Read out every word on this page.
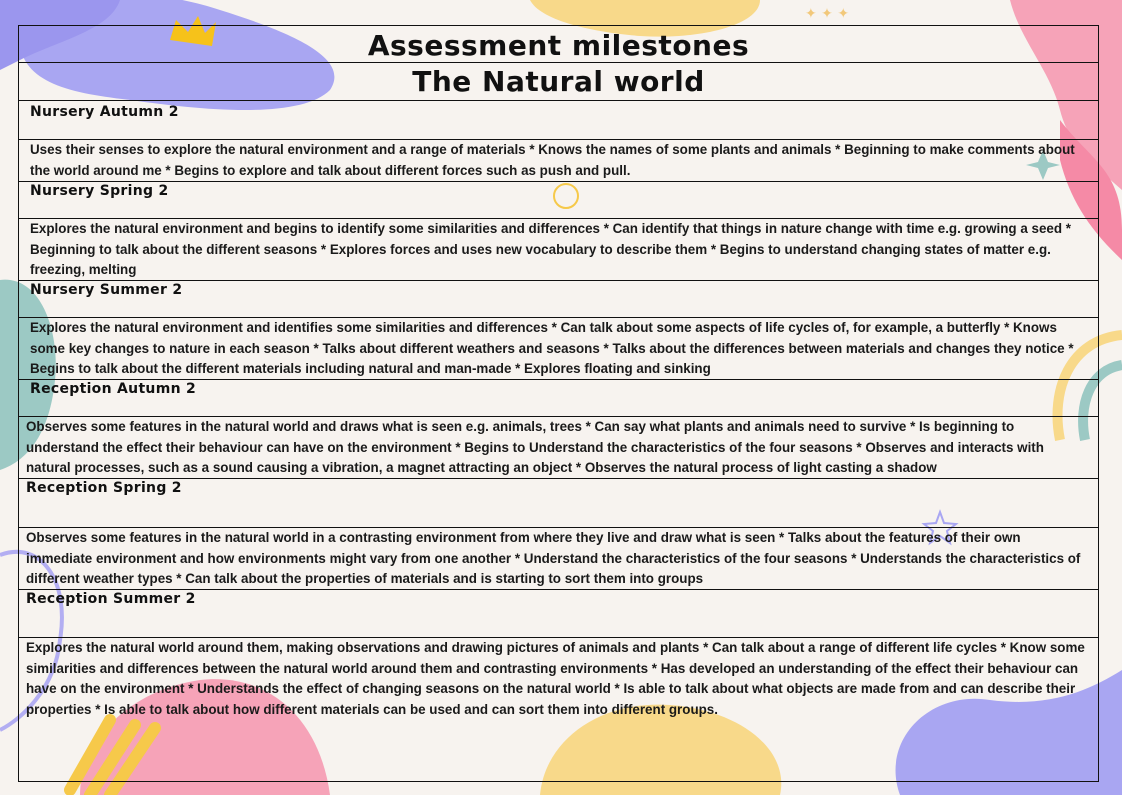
✦ ✦ ✦
Assessment milestones
The Natural world
Nursery Autumn 2
Uses their senses to explore the natural environment and a range of materials * Knows the names of some plants and animals * Beginning to make comments about the world around me * Begins to explore and talk about different forces such as push and pull.
Nursery Spring 2
Explores the natural environment and begins to identify some similarities and differences * Can identify that things in nature change with time e.g. growing a seed * Beginning to talk about the different seasons * Explores forces and uses new vocabulary to describe them * Begins to understand changing states of matter e.g. freezing, melting
Nursery Summer 2
Explores the natural environment and identifies some similarities and differences * Can talk about some aspects of life cycles of, for example, a butterfly * Knows some key changes to nature in each season * Talks about different weathers and seasons * Talks about the differences between materials and changes they notice * Begins to talk about the different materials including natural and man-made * Explores floating and sinking
Reception Autumn 2
Observes some features in the natural world and draws what is seen e.g. animals, trees * Can say what plants and animals need to survive * Is beginning to understand the effect their behaviour can have on the environment * Begins to Understand the characteristics of the four seasons * Observes and interacts with natural processes, such as a sound causing a vibration, a magnet attracting an object * Observes the natural process of light casting a shadow
Reception Spring 2
Observes some features in the natural world in a contrasting environment from where they live and draw what is seen * Talks about the features of their own immediate environment and how environments might vary from one another * Understand the characteristics of the four seasons * Understands the characteristics of different weather types * Can talk about the properties of materials and is starting to sort them into groups
Reception Summer 2
Explores the natural world around them, making observations and drawing pictures of animals and plants * Can talk about a range of different life cycles * Know some similarities and differences between the natural world around them and contrasting environments * Has developed an understanding of the effect their behaviour can have on the environment * Understands the effect of changing seasons on the natural world * Is able to talk about what objects are made from and can describe their properties * Is able to talk about how different materials can be used and can sort them into different groups.
